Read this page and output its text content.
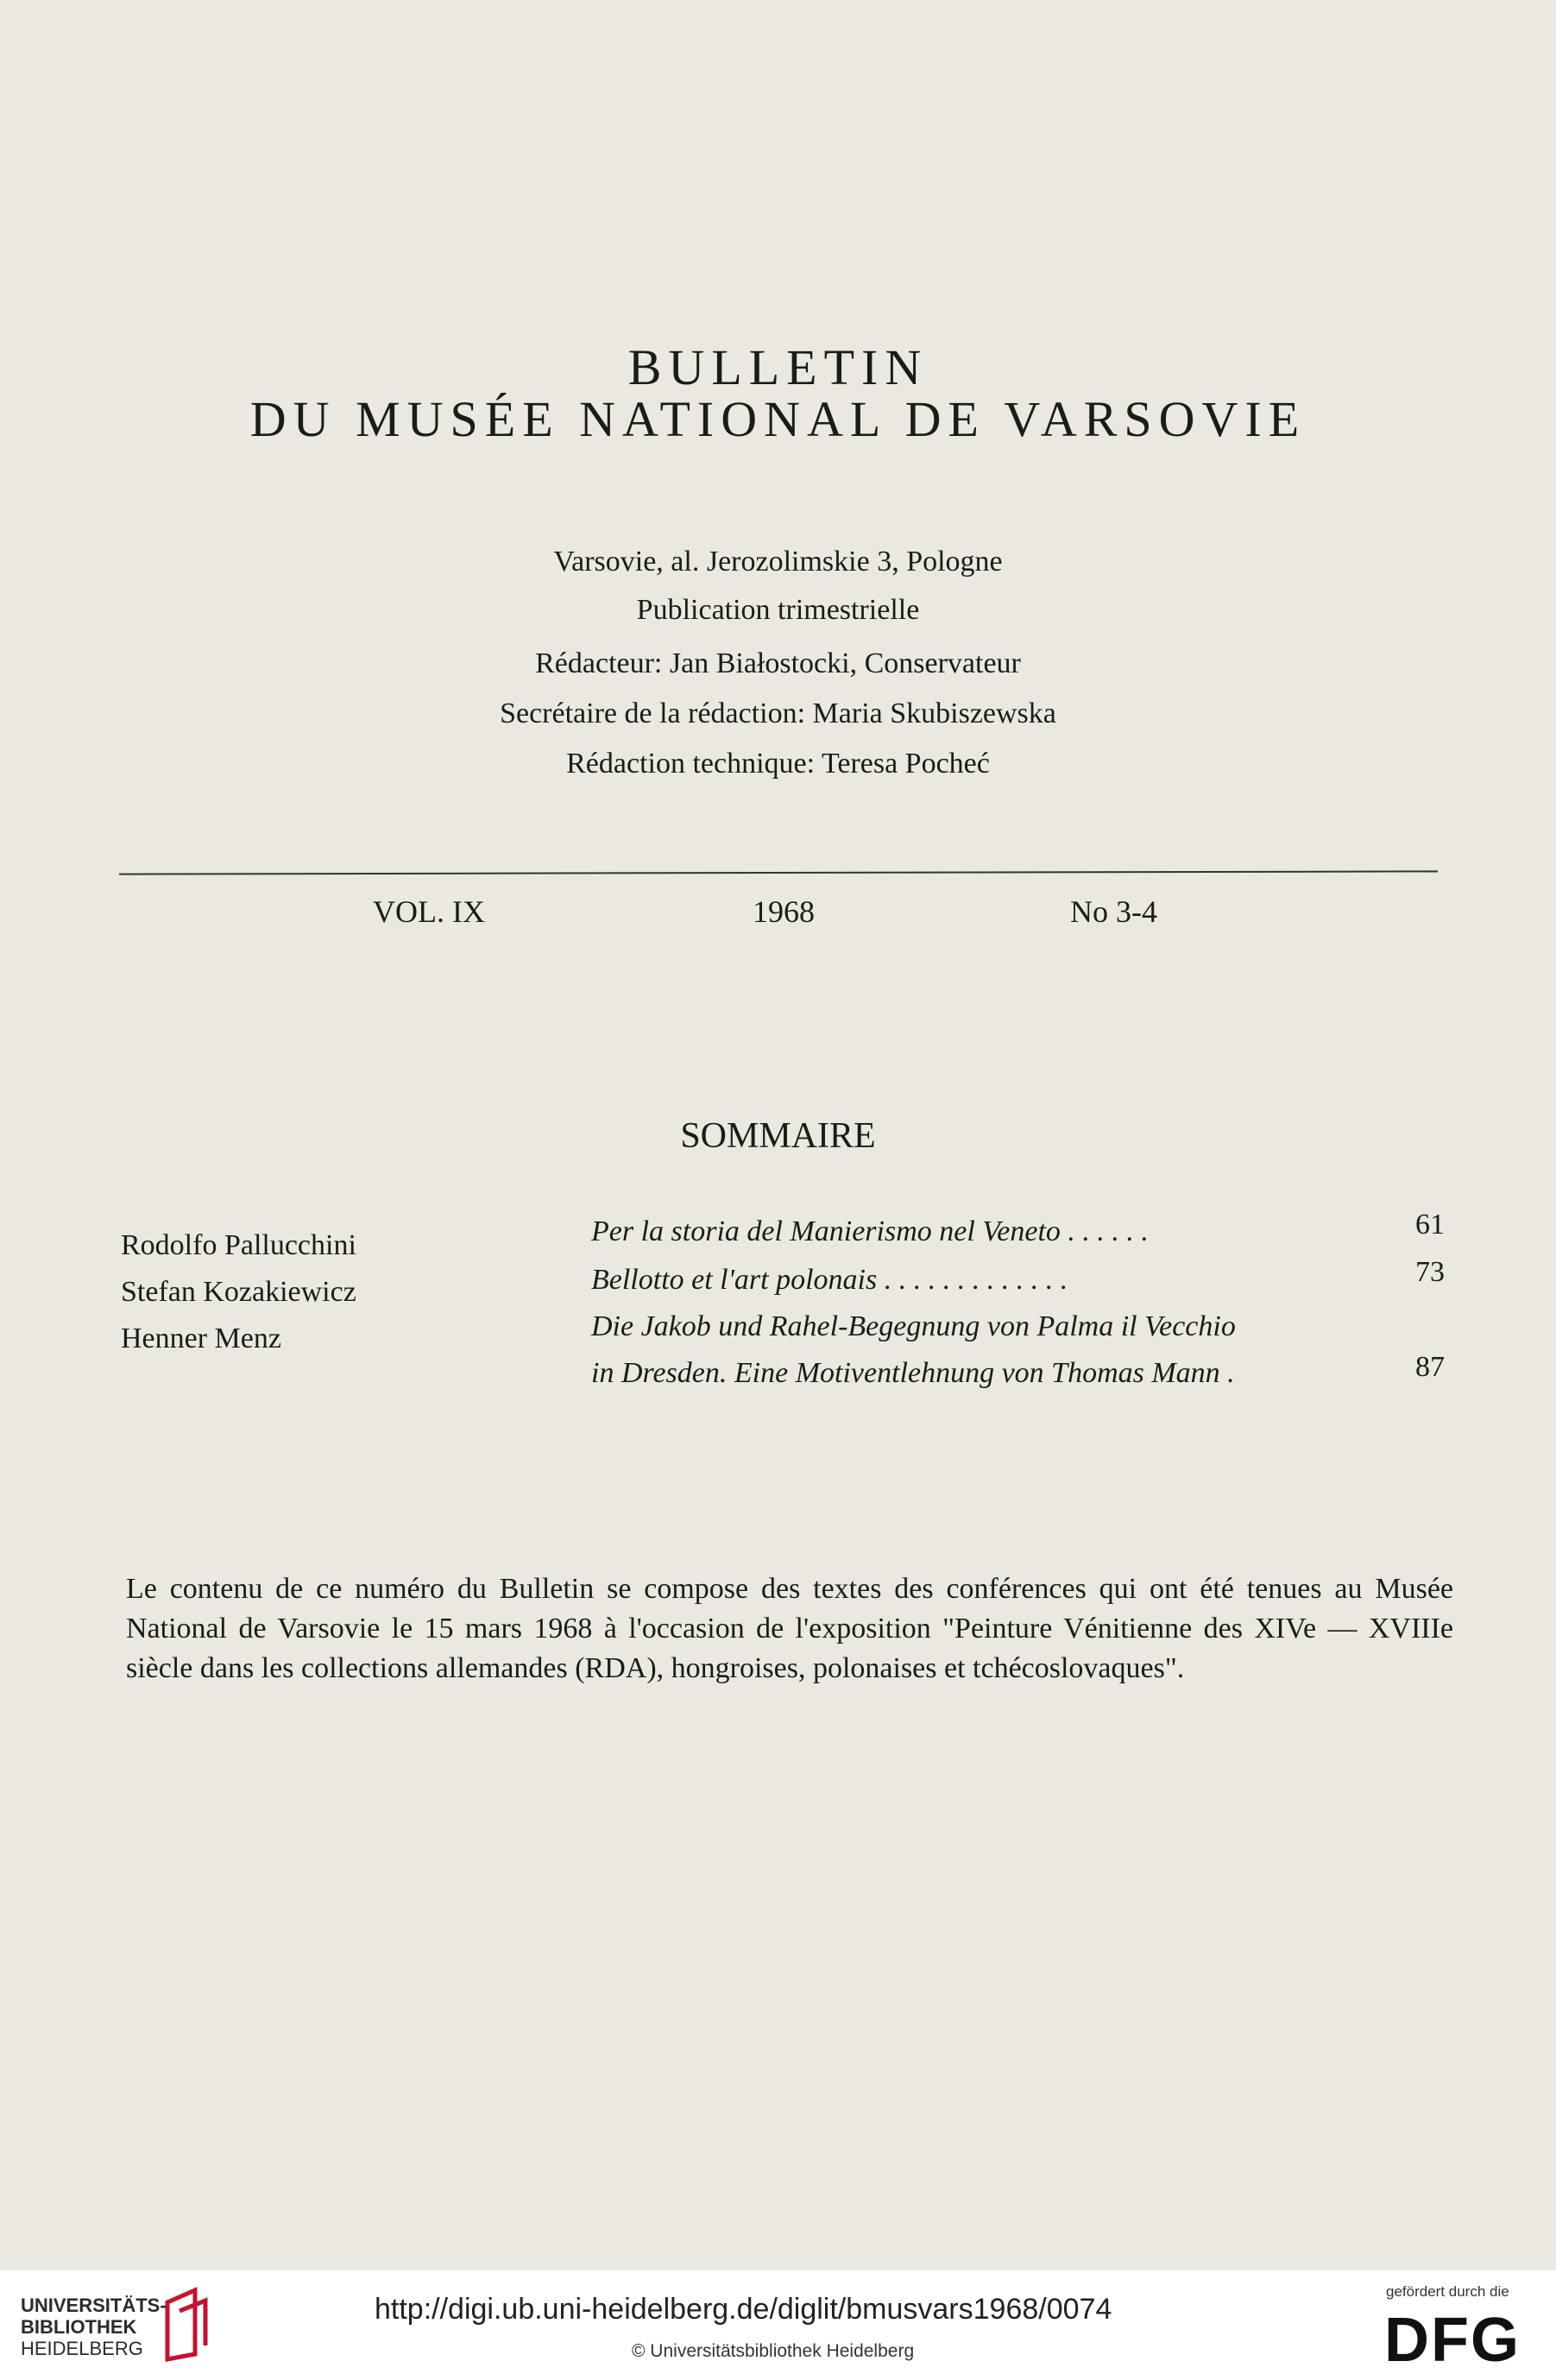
BULLETIN
DU MUSÉE NATIONAL DE VARSOVIE
Varsovie, al. Jerozolimskie 3, Pologne
Publication trimestrielle
Rédacteur: Jan Białostocki, Conservateur
Secrétaire de la rédaction: Maria Skubiszewska
Rédaction technique: Teresa Pocheć
VOL. IX	1968	No 3-4
SOMMAIRE
Rodolfo Pallucchini	Per la storia del Manierismo nel Veneto . . . . . .	61
Stefan Kozakiewicz	Bellotto et l'art polonais . . . . . . . . . . . . .	73
Henner Menz	Die Jakob und Rahel-Begegnung von Palma il Vecchio
in Dresden. Eine Motiventlehnung von Thomas Mann .	87
Le contenu de ce numéro du Bulletin se compose des textes des conférences qui ont été tenues au Musée National de Varsovie le 15 mars 1968 à l'occasion de l'exposition "Peinture Vénitienne des XIVe — XVIIIe siècle dans les collections allemandes (RDA), hongroises, polonaises et tchécoslovaques".
UNIVERSITÄTS-
BIBLIOTHEK
HEIDELBERG
http://digi.ub.uni-heidelberg.de/diglit/bmusvars1968/0074
© Universitätsbibliothek Heidelberg
gefördert durch die
DFG
